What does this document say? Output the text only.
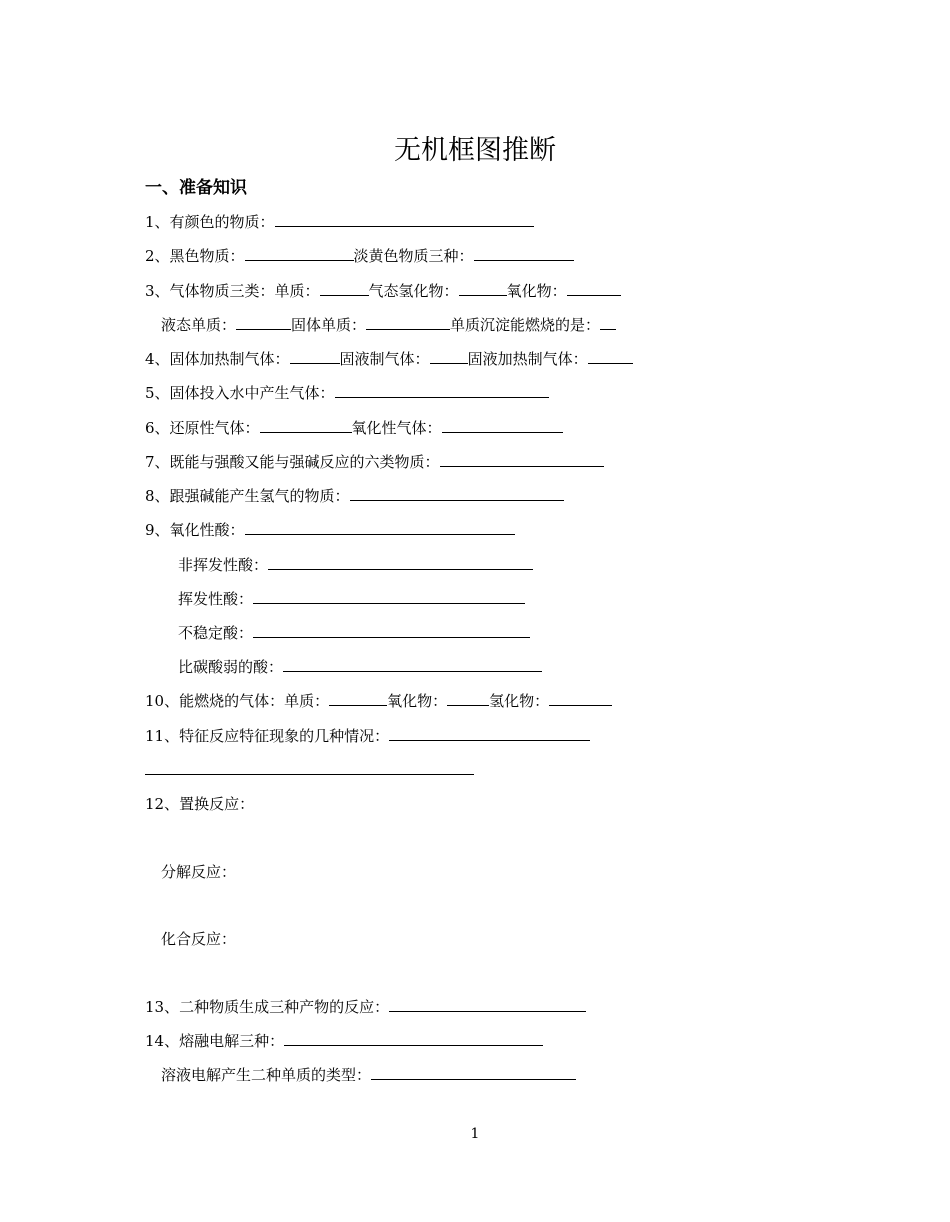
无机框图推断
一、准备知识
1、有颜色的物质：
2、黑色物质：	淡黄色物质三种：
3、气体物质三类：单质：	气态氢化物：	氧化物：
液态单质：	固体单质：	单质沉淀能燃烧的是：
4、固体加热制气体：	固液制气体：	固液加热制气体：
5、固体投入水中产生气体：
6、还原性气体：	氧化性气体：
7、既能与强酸又能与强碱反应的六类物质：
8、跟强碱能产生氢气的物质：
9、氧化性酸：
非挥发性酸：
挥发性酸：
不稳定酸：
比碳酸弱的酸：
10、能燃烧的气体：单质：	氧化物：	氢化物：
11、特征反应特征现象的几种情况：
12、置换反应：
分解反应：
化合反应：
13、二种物质生成三种产物的反应：
14、熔融电解三种：
溶液电解产生二种单质的类型：
1
